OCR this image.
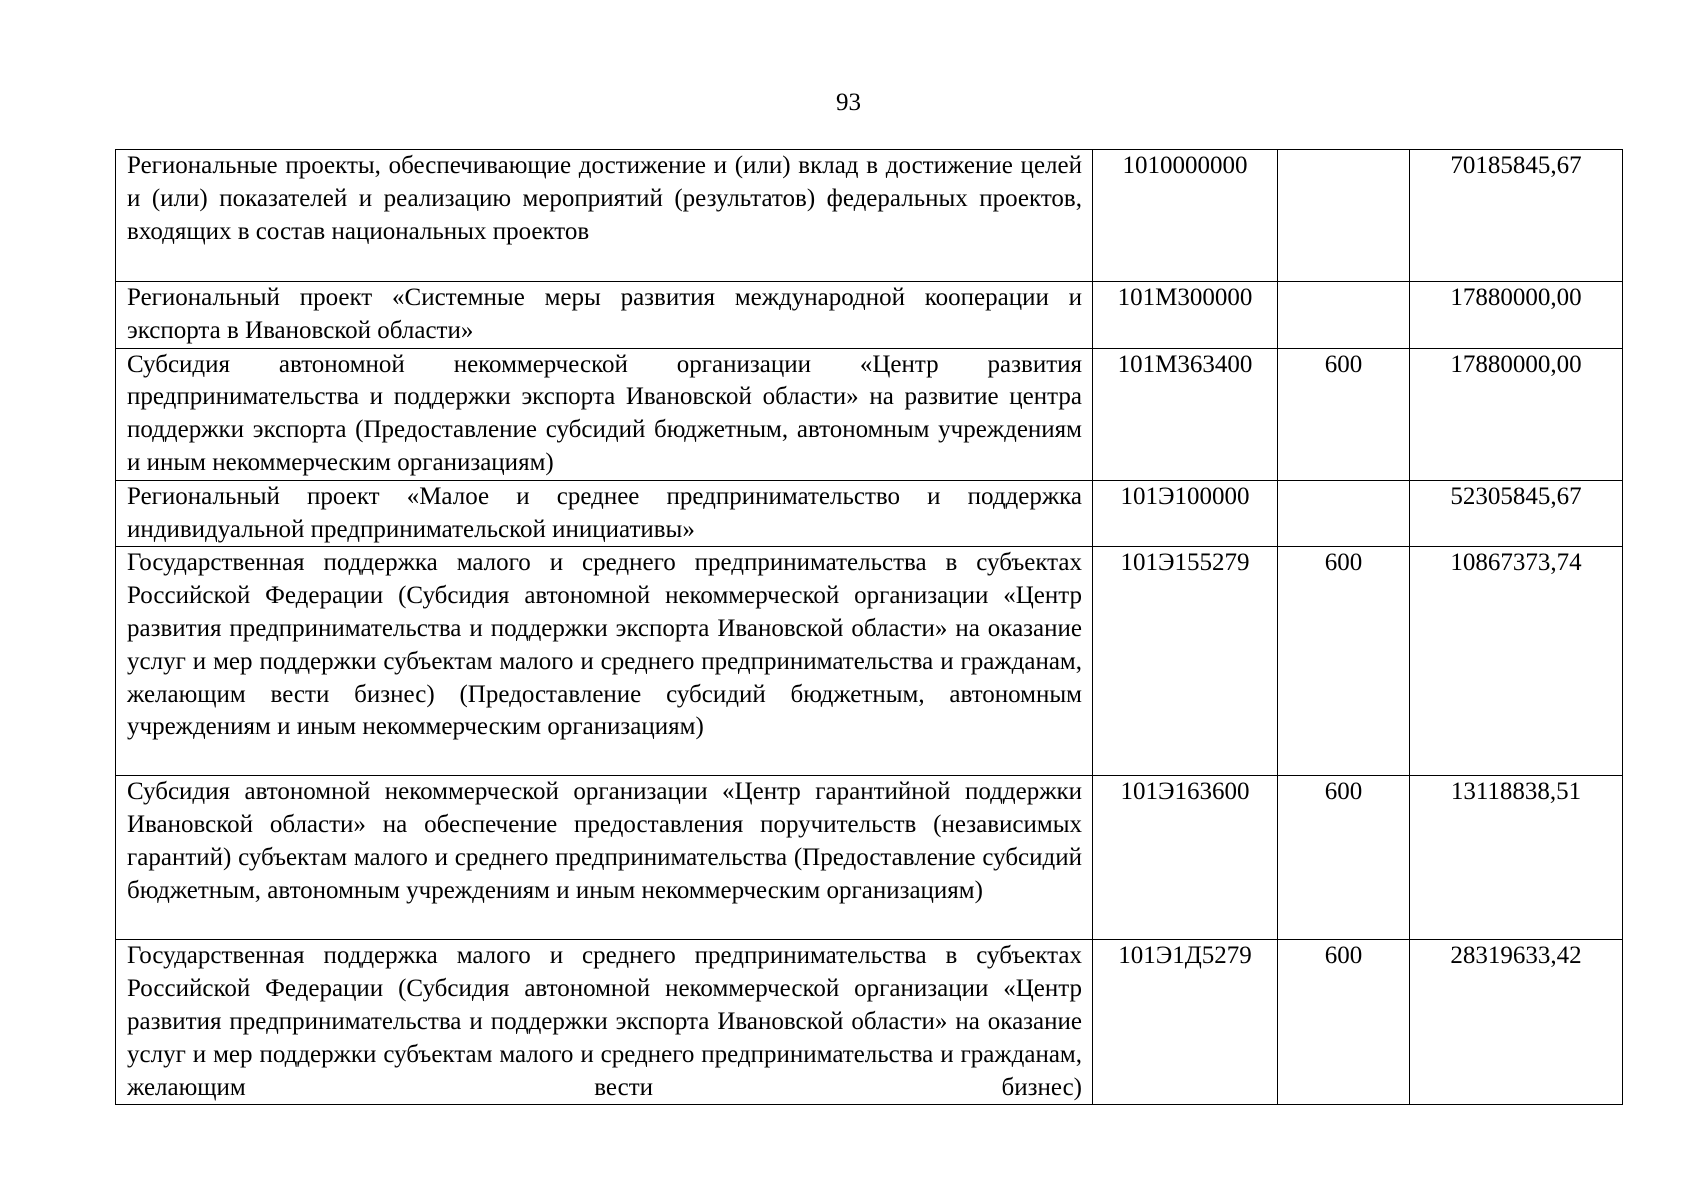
93
Региональные проекты, обеспечивающие достижение и (или) вклад в достижение целей и (или) показателей и реализацию мероприятий (результатов) федеральных проектов, входящих в состав национальных проектов	1010000000		70185845,67
Региональный проект «Системные меры развития международной кооперации и экспорта в Ивановской области»	101М300000		17880000,00
Субсидия автономной некоммерческой организации «Центр развития предпринимательства и поддержки экспорта Ивановской области» на развитие центра поддержки экспорта (Предоставление субсидий бюджетным, автономным учреждениям и иным некоммерческим организациям)	101М363400	600	17880000,00
Региональный проект «Малое и среднее предпринимательство и поддержка индивидуальной предпринимательской инициативы»	101Э100000		52305845,67
Государственная поддержка малого и среднего предпринимательства в субъектах Российской Федерации (Субсидия автономной некоммерческой организации «Центр развития предпринимательства и поддержки экспорта Ивановской области» на оказание услуг и мер поддержки субъектам малого и среднего предпринимательства и гражданам, желающим вести бизнес) (Предоставление субсидий бюджетным, автономным учреждениям и иным некоммерческим организациям)	101Э155279	600	10867373,74
Субсидия автономной некоммерческой организации «Центр гарантийной поддержки Ивановской области» на обеспечение предоставления поручительств (независимых гарантий) субъектам малого и среднего предпринимательства (Предоставление субсидий бюджетным, автономным учреждениям и иным некоммерческим организациям)	101Э163600	600	13118838,51
Государственная поддержка малого и среднего предпринимательства в субъектах Российской Федерации (Субсидия автономной некоммерческой организации «Центр развития предпринимательства и поддержки экспорта Ивановской области» на оказание услуг и мер поддержки субъектам малого и среднего предпринимательства и гражданам, желающим вести бизнес)	101Э1Д5279	600	28319633,42
